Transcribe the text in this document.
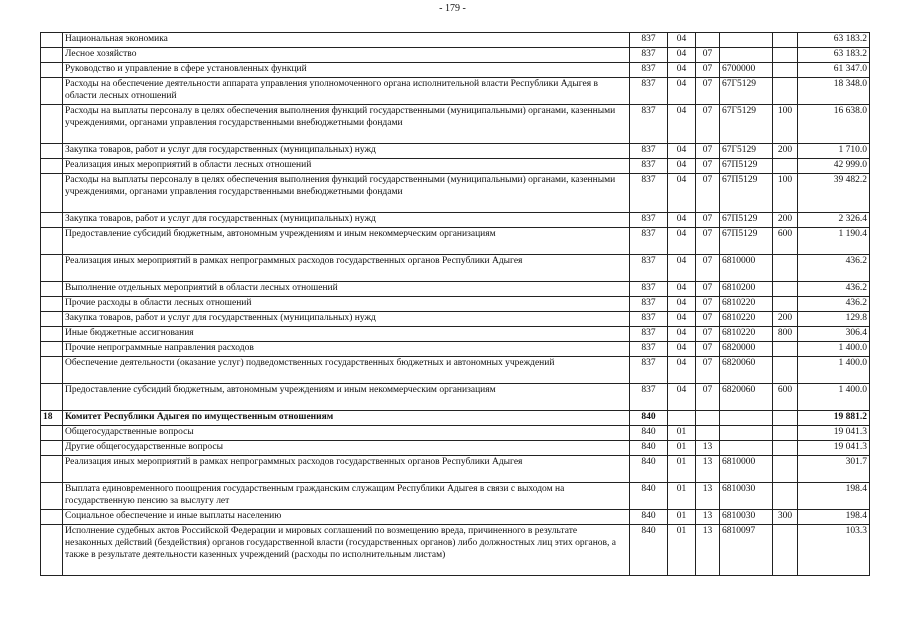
- 179 -
	Национальная экономика	837	04				63 183.2
	Лесное хозяйство	837	04	07			63 183.2
	Руководство и управление в сфере установленных функций	837	04	07	6700000		61 347.0
	Расходы на обеспечение деятельности аппарата управления уполномоченного органа исполнительной власти Республики Адыгея в области лесных отношений	837	04	07	67Г5129		18 348.0
	Расходы на выплаты персоналу в целях обеспечения выполнения функций государственными (муниципальными) органами, казенными учреждениями, органами управления государственными внебюджетными фондами	837	04	07	67Г5129	100	16 638.0
	Закупка товаров, работ и услуг для государственных (муниципальных) нужд	837	04	07	67Г5129	200	1 710.0
	Реализация иных мероприятий в области лесных отношений	837	04	07	67П5129		42 999.0
	Расходы на выплаты персоналу в целях обеспечения выполнения функций государственными (муниципальными) органами, казенными учреждениями, органами управления государственными внебюджетными фондами	837	04	07	67П5129	100	39 482.2
	Закупка товаров, работ и услуг для государственных (муниципальных) нужд	837	04	07	67П5129	200	2 326.4
	Предоставление субсидий бюджетным, автономным учреждениям и иным некоммерческим организациям	837	04	07	67П5129	600	1 190.4
	Реализация иных мероприятий в рамках непрограммных расходов государственных органов Республики Адыгея	837	04	07	6810000		436.2
	Выполнение отдельных мероприятий в области лесных отношений	837	04	07	6810200		436.2
	Прочие расходы в области лесных отношений	837	04	07	6810220		436.2
	Закупка товаров, работ и услуг для государственных (муниципальных) нужд	837	04	07	6810220	200	129.8
	Иные бюджетные ассигнования	837	04	07	6810220	800	306.4
	Прочие непрограммные направления расходов	837	04	07	6820000		1 400.0
	Обеспечение деятельности (оказание услуг) подведомственных государственных бюджетных и автономных учреждений	837	04	07	6820060		1 400.0
	Предоставление субсидий бюджетным, автономным учреждениям и иным некоммерческим организациям	837	04	07	6820060	600	1 400.0
18	Комитет Республики Адыгея по имущественным отношениям	840					19 881.2
	Общегосударственные вопросы	840	01				19 041.3
	Другие общегосударственные вопросы	840	01	13			19 041.3
	Реализация иных мероприятий в рамках непрограммных расходов государственных органов Республики Адыгея	840	01	13	6810000		301.7
	Выплата единовременного поощрения государственным гражданским служащим Республики Адыгея в связи с выходом на государственную пенсию за выслугу лет	840	01	13	6810030		198.4
	Социальное обеспечение и иные выплаты населению	840	01	13	6810030	300	198.4
	Исполнение судебных актов Российской Федерации и мировых соглашений по возмещению вреда, причиненного в результате незаконных действий (бездействия) органов государственной власти (государственных органов) либо должностных лиц этих органов, а также в результате деятельности казенных учреждений (расходы по исполнительным листам)	840	01	13	6810097		103.3
